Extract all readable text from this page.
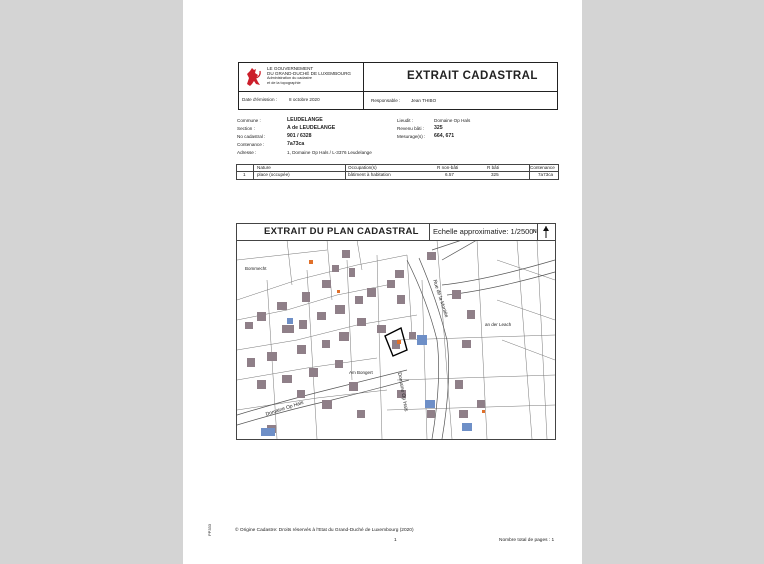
LE GOUVERNEMENT
DU GRAND-DUCHÉ DE LUXEMBOURG
Administration du cadastre
et de la topographie
EXTRAIT CADASTRAL
Date d'émission :	8 octobre 2020	Responsable : Jean THIBO
Commune :	LEUDELANGE
Section :	A de LEUDELANGE
No cadastral :	901 / 6328
Contenance :	7a73ca
Adresse :	1, Domaine Op Hals / L-3376 Leudelange
Lieudit :	Domaine Op Hals
Revenu bâti : 325
Mesurage(s) : 664, 671
Nature	Occupation(s)	R non-bâti	R bâti	Contenance
1 place (occupée)	bâtiment à habitation	6.57	325	7a73ca
Rue de la Montée
Domaine Op Hals
Domaine Op Hals
Am Bongert
an der Leach
Bommecht
EXTRAIT DU PLAN CADASTRAL Echelle approximative: 1/2500 N
© Origine Cadastre: Droits réservés à l'Etat du Grand-Duché de Luxembourg (2020)
1	Nombre total de pages : 1
PP333
